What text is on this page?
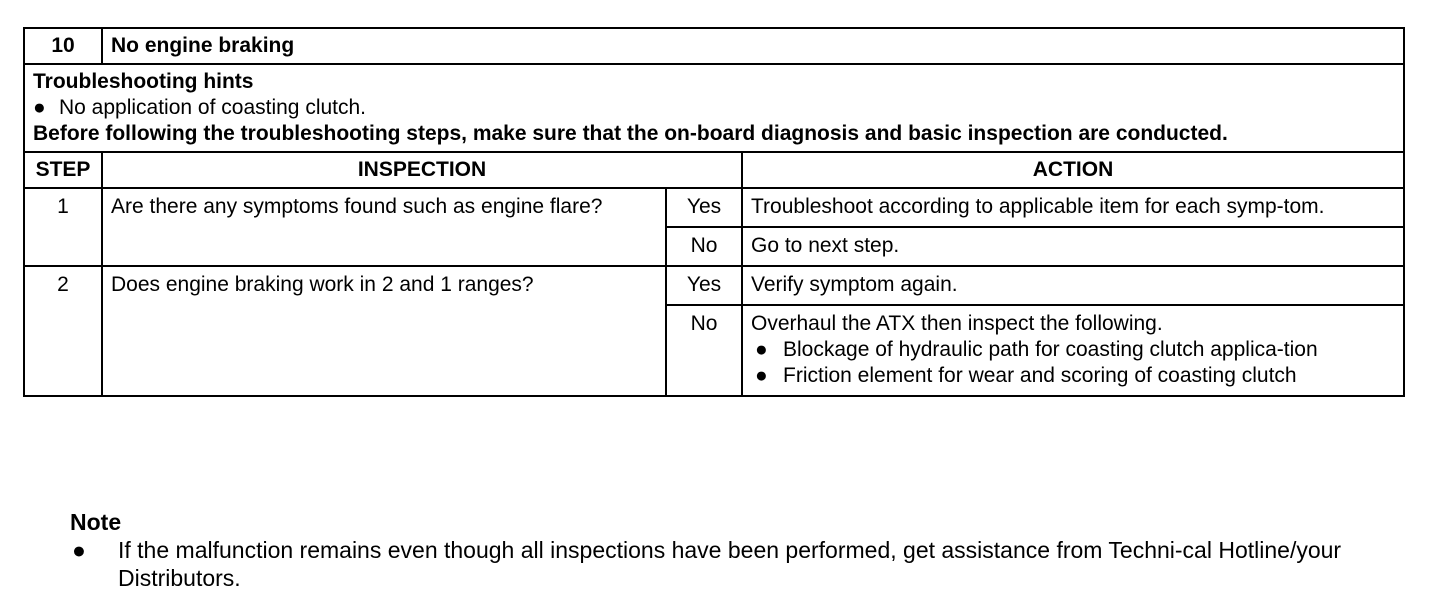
10	No engine braking		

Troubleshooting hints
● No application of coasting clutch.
Before following the troubleshooting steps, make sure that the on-board diagnosis and basic inspection are conducted.			

STEP	INSPECTION		ACTION
1	Are there any symptoms found such as engine flare?	Yes	Troubleshoot according to applicable item for each symp-tom.
		No	Go to next step.
2	Does engine braking work in 2 and 1 ranges?	Yes	Verify symptom again.
		No	Overhaul the ATX then inspect the following.
● Blockage of hydraulic path for coasting clutch applica-tion
● Friction element for wear and scoring of coasting clutch
Note
●	If the malfunction remains even though all inspections have been performed, get assistance from Techni-cal Hotline/your Distributors.
